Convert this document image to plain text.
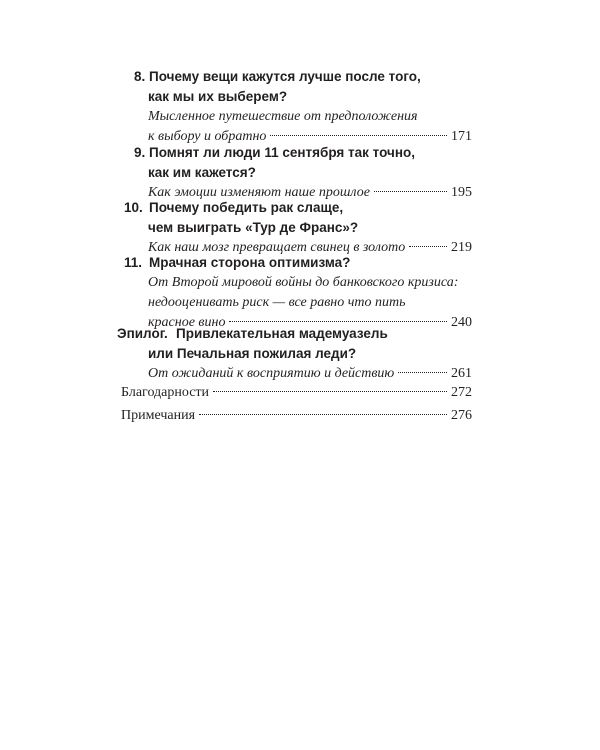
8. Почему вещи кажутся лучше после того,
как мы их выберем?
Мысленное путешествие от предположения
к выбору и обратно	171
9. Помнят ли люди 11 сентября так точно,
как им кажется?
Как эмоции изменяют наше прошлое	195
10. Почему победить рак слаще,
чем выиграть «Тур де Франс»?
Как наш мозг превращает свинец в золото	219
11. Мрачная сторона оптимизма?
От Второй мировой войны до банковского кризиса:
недооценивать риск — все равно что пить
красное вино	240
Эпилог. Привлекательная мадемуазель
или Печальная пожилая леди?
От ожиданий к восприятию и действию	261
Благодарности	272
Примечания	276
